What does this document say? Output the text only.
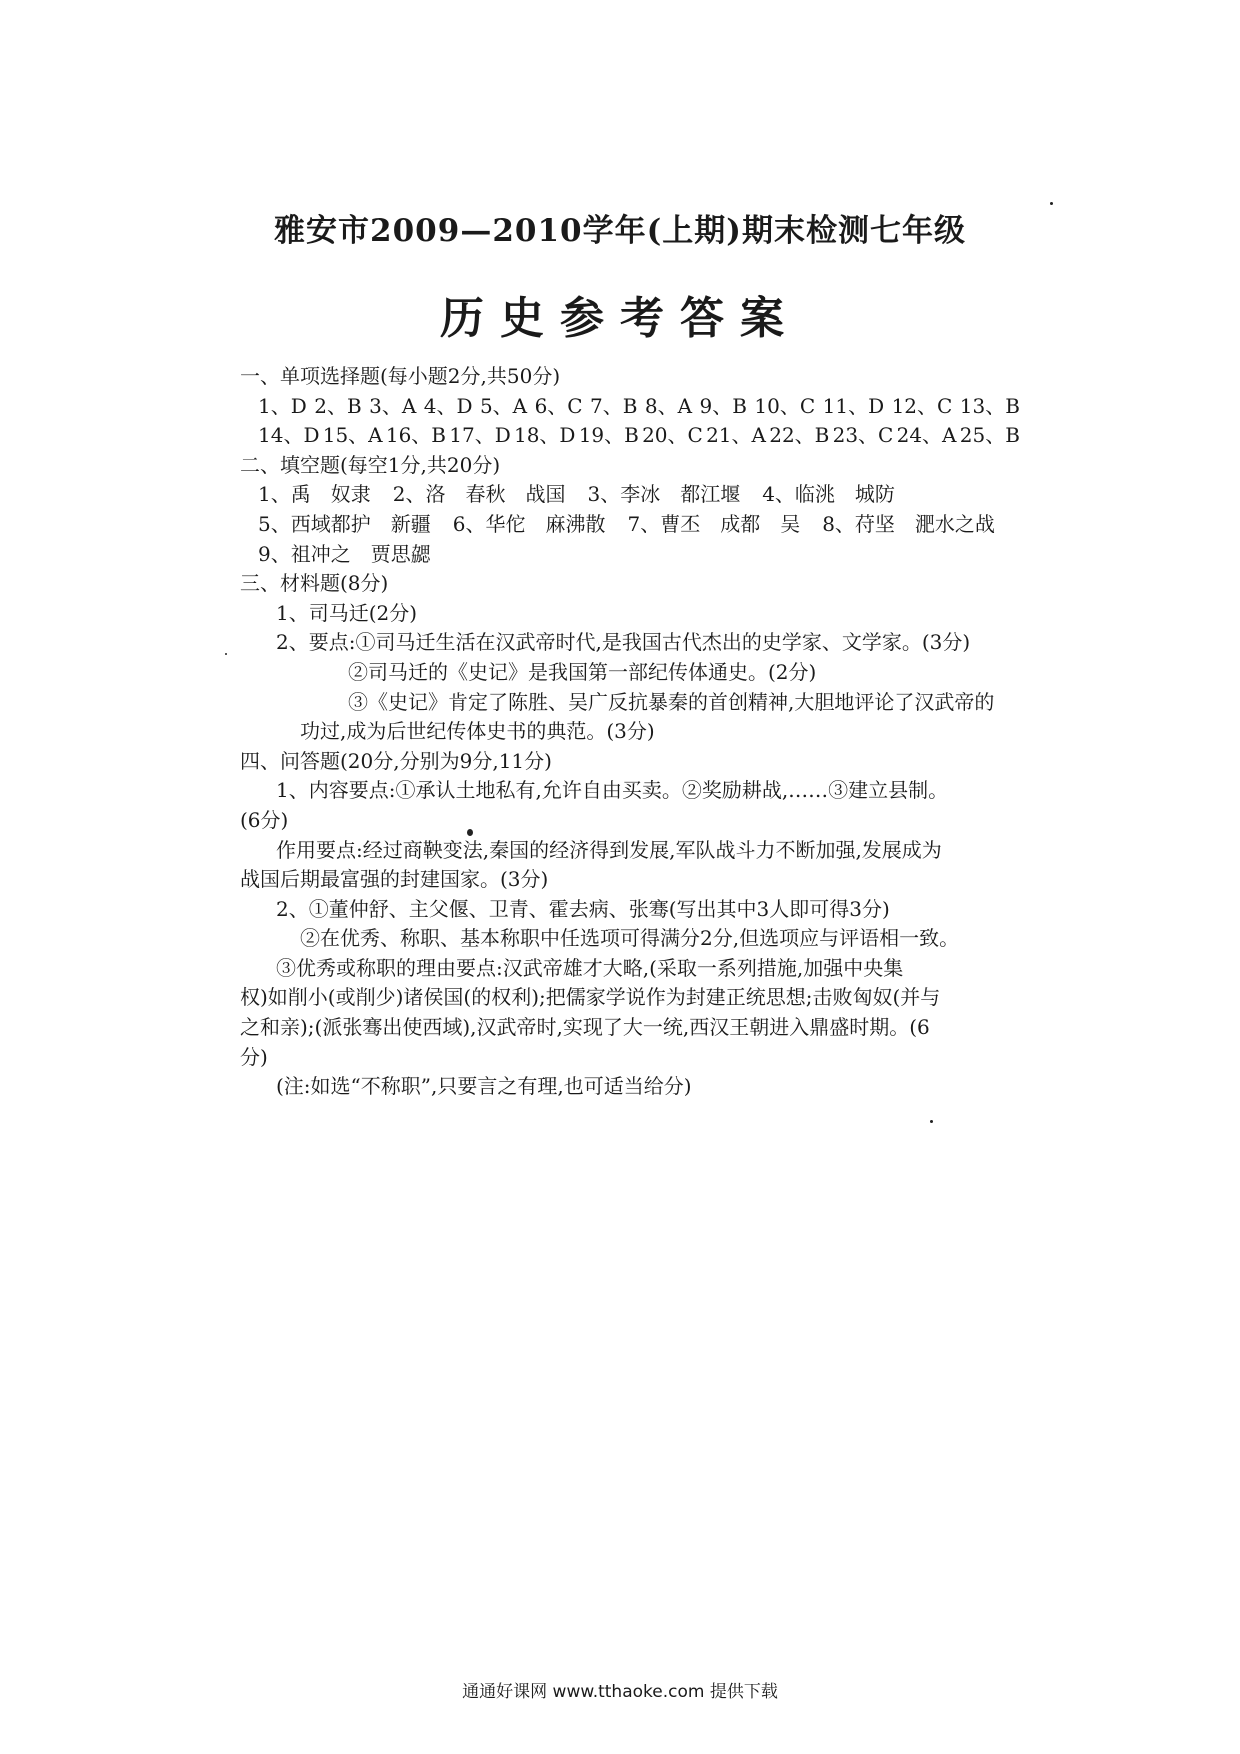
雅安市2009—2010学年(上期)期末检测七年级
历史参考答案
一、单项选择题(每小题2分,共50分)
1、D 2、B 3、A 4、D 5、A 6、C 7、B 8、A 9、B 10、C 11、D 12、C 13、B
14、D 15、A 16、B 17、D 18、D 19、B 20、C 21、A 22、B 23、C 24、A 25、B
二、填空题(每空1分,共20分)
1、禹　奴隶 2、洛　春秋　战国 3、李冰　都江堰 4、临洮　城防
5、西域都护　新疆 6、华佗　麻沸散 7、曹丕　成都　吴 8、苻坚　淝水之战
9、祖冲之　贾思勰
三、材料题(8分)
1、司马迁(2分)
2、要点:①司马迁生活在汉武帝时代,是我国古代杰出的史学家、文学家。(3分)
②司马迁的《史记》是我国第一部纪传体通史。(2分)
③《史记》肯定了陈胜、吴广反抗暴秦的首创精神,大胆地评论了汉武帝的
功过,成为后世纪传体史书的典范。(3分)
四、问答题(20分,分别为9分,11分)
1、内容要点:①承认土地私有,允许自由买卖。②奖励耕战,……③建立县制。
(6分)
作用要点:经过商鞅变法,秦国的经济得到发展,军队战斗力不断加强,发展成为
战国后期最富强的封建国家。(3分)
2、①董仲舒、主父偃、卫青、霍去病、张骞(写出其中3人即可得3分)
②在优秀、称职、基本称职中任选项可得满分2分,但选项应与评语相一致。
③优秀或称职的理由要点:汉武帝雄才大略,(采取一系列措施,加强中央集
权)如削小(或削少)诸侯国(的权利);把儒家学说作为封建正统思想;击败匈奴(并与
之和亲);(派张骞出使西域),汉武帝时,实现了大一统,西汉王朝进入鼎盛时期。(6
分)
(注:如选“不称职”,只要言之有理,也可适当给分)
通通好课网 www.tthaoke.com 提供下载
